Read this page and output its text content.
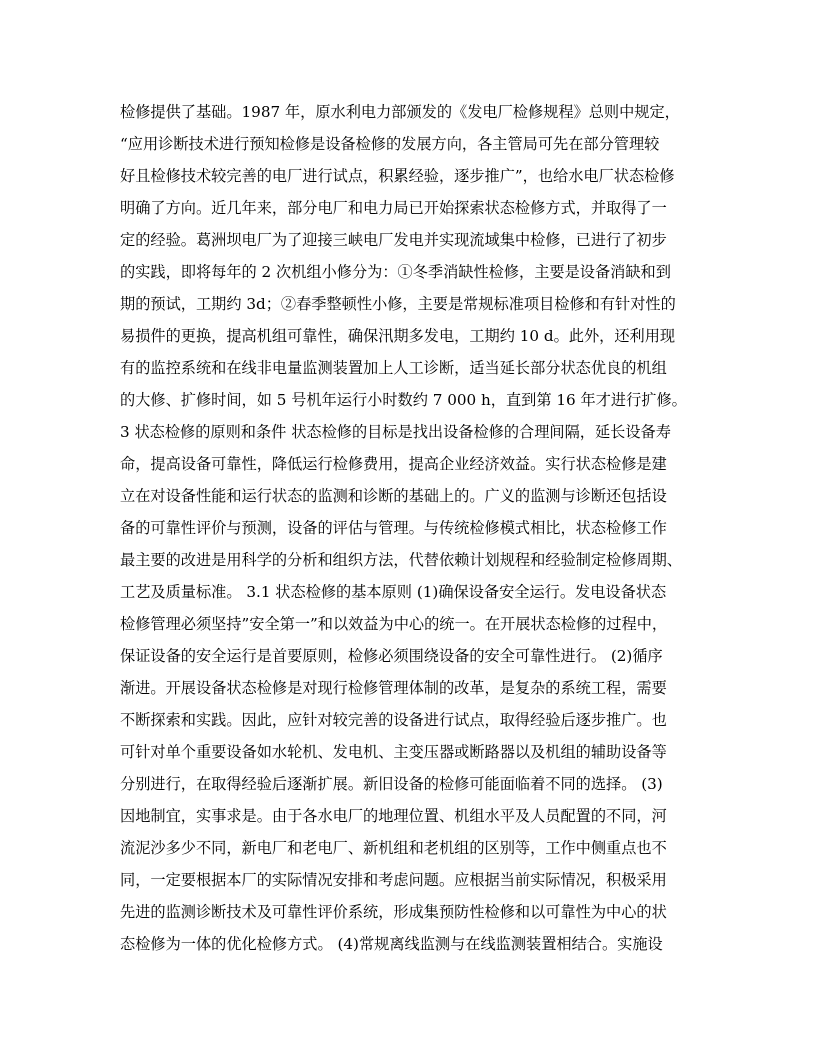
检修提供了基础。1987 年，原水利电力部颁发的《发电厂检修规程》总则中规定，
“应用诊断技术进行预知检修是设备检修的发展方向，各主管局可先在部分管理较
好且检修技术较完善的电厂进行试点，积累经验，逐步推广”，也给水电厂状态检修
明确了方向。近几年来，部分电厂和电力局已开始探索状态检修方式，并取得了一
定的经验。葛洲坝电厂为了迎接三峡电厂发电并实现流域集中检修，已进行了初步
的实践，即将每年的 2 次机组小修分为：①冬季消缺性检修，主要是设备消缺和到
期的预试，工期约 3d；②春季整顿性小修，主要是常规标准项目检修和有针对性的
易损件的更换，提高机组可靠性，确保汛期多发电，工期约 10 d。此外，还利用现
有的监控系统和在线非电量监测装置加上人工诊断，适当延长部分状态优良的机组
的大修、扩修时间，如 5 号机年运行小时数约 7 000 h，直到第 16 年才进行扩修。
3 状态检修的原则和条件 状态检修的目标是找出设备检修的合理间隔，延长设备寿
命，提高设备可靠性，降低运行检修费用，提高企业经济效益。实行状态检修是建
立在对设备性能和运行状态的监测和诊断的基础上的。广义的监测与诊断还包括设
备的可靠性评价与预测，设备的评估与管理。与传统检修模式相比，状态检修工作
最主要的改进是用科学的分析和组织方法，代替依赖计划规程和经验制定检修周期、
工艺及质量标准。 3.1 状态检修的基本原则 (1)确保设备安全运行。发电设备状态
检修管理必须坚持”安全第一”和以效益为中心的统一。在开展状态检修的过程中，
保证设备的安全运行是首要原则，检修必须围绕设备的安全可靠性进行。 (2)循序
渐进。开展设备状态检修是对现行检修管理体制的改革，是复杂的系统工程，需要
不断探索和实践。因此，应针对较完善的设备进行试点，取得经验后逐步推广。也
可针对单个重要设备如水轮机、发电机、主变压器或断路器以及机组的辅助设备等
分别进行，在取得经验后逐渐扩展。新旧设备的检修可能面临着不同的选择。 (3)
因地制宜，实事求是。由于各水电厂的地理位置、机组水平及人员配置的不同，河
流泥沙多少不同，新电厂和老电厂、新机组和老机组的区别等，工作中侧重点也不
同，一定要根据本厂的实际情况安排和考虑问题。应根据当前实际情况，积极采用
先进的监测诊断技术及可靠性评价系统，形成集预防性检修和以可靠性为中心的状
态检修为一体的优化检修方式。 (4)常规离线监测与在线监测装置相结合。实施设
